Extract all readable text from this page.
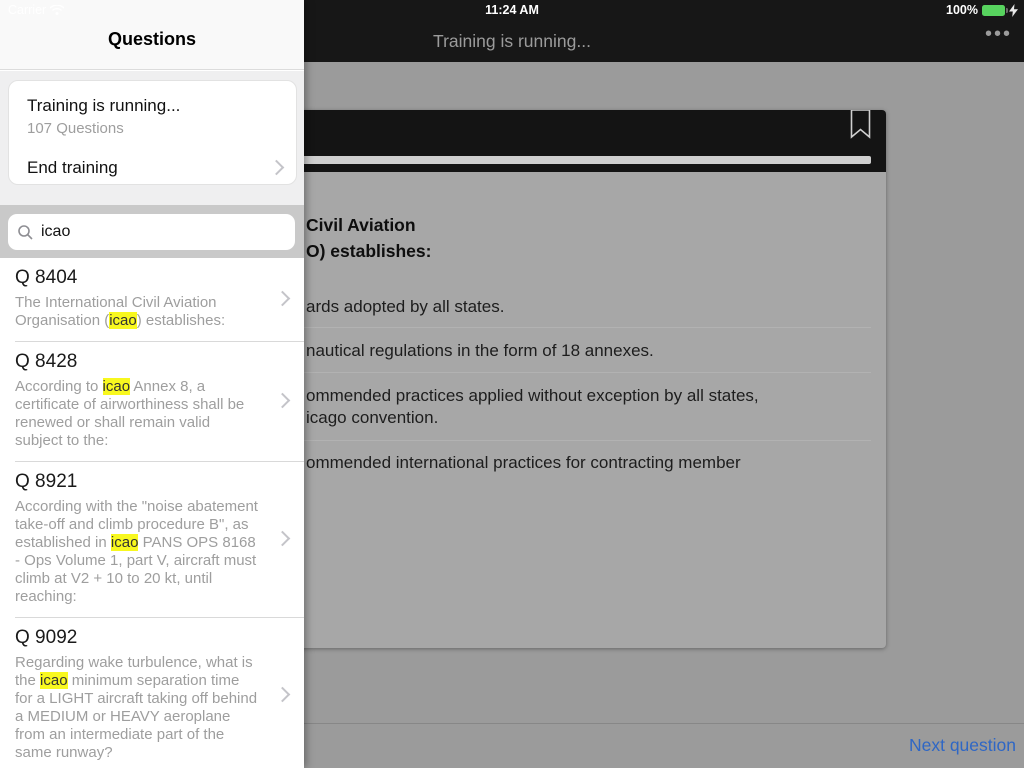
11:24 AM	100%
Training is running...	•••
Civil Aviation
O) establishes:
ards adopted by all states.
nautical regulations in the form of 18 annexes.
ommended practices applied without exception by all states,
icago convention.
ommended international practices for contracting member
Next question
Carrier
Questions
Training is running...
107 Questions
End training
icao
Q 8404
The International Civil Aviation Organisation (icao) establishes:
Q 8428
According to icao Annex 8, a certificate of airworthiness shall be renewed or shall remain valid subject to the:
Q 8921
According with the "noise abatement take-off and climb procedure B", as established in icao PANS OPS 8168 - Ops Volume 1, part V, aircraft must climb at V2 + 10 to 20 kt, until reaching:
Q 9092
Regarding wake turbulence, what is the icao minimum separation time for a LIGHT aircraft taking off behind a MEDIUM or HEAVY aeroplane from an intermediate part of the same runway?
